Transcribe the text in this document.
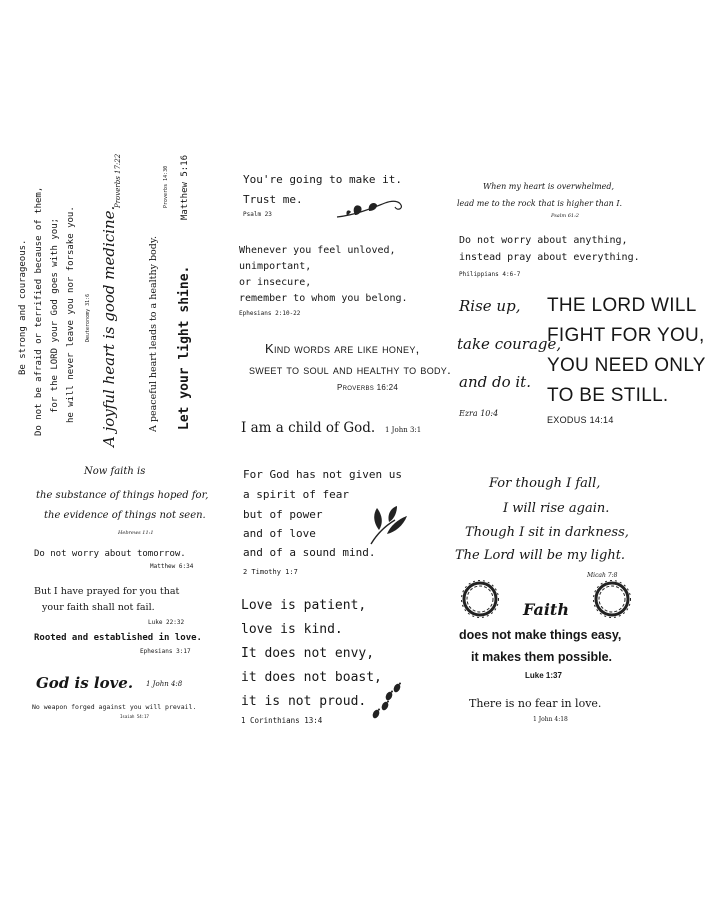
Be strong and courageous. Do not be afraid or terrified because of them, for the LORD your God goes with you; he will never leave you nor forsake you. Deuteronomy 31:6 A joyful heart is good medicine.
Proverbs 17:22
A peaceful heart leads to a healthy body.
Proverbs 14:30
Let your light shine.
Matthew 5:16	You're going to make it.
Trust me.
Psalm 23
Whenever you feel unloved,
unimportant,
or insecure,
remember to whom you belong.
Ephesians 2:10-22
Kind words are like honey,
sweet to soul and healthy to body.
Proverbs 16:24
I am a child of God. 1 John 3:1
When my heart is overwhelmed,
lead me to the rock that is higher than I.
Psalm 61:2
Do not worry about anything,
instead pray about everything.
Philippians 4:6-7
Rise up,
take courage,
and do it.
Ezra 10:4
THE LORD WILL
FIGHT FOR YOU,
YOU NEED ONLY
TO BE STILL.
EXODUS 14:14
Now faith is
the substance of things hoped for,
the evidence of things not seen.
Hebrews 11:1
Do not worry about tomorrow.
Matthew 6:34
But I have prayed for you that
your faith shall not fail.
Luke 22:32
Rooted and established in love.
Ephesians 3:17
God is love. 1 John 4:8
No weapon forged against you will prevail.
Isaiah 54:17
For God has not given us
a spirit of fear
but of power
and of love
and of a sound mind.
2 Timothy 1:7
Love is patient,
love is kind.
It does not envy,
it does not boast,
it is not proud.
1 Corinthians 13:4
For though I fall,
I will rise again.
Though I sit in darkness,
The Lord will be my light.
Micah 7:8
Faith
does not make things easy,
it makes them possible.
Luke 1:37
There is no fear in love.
1 John 4:18
